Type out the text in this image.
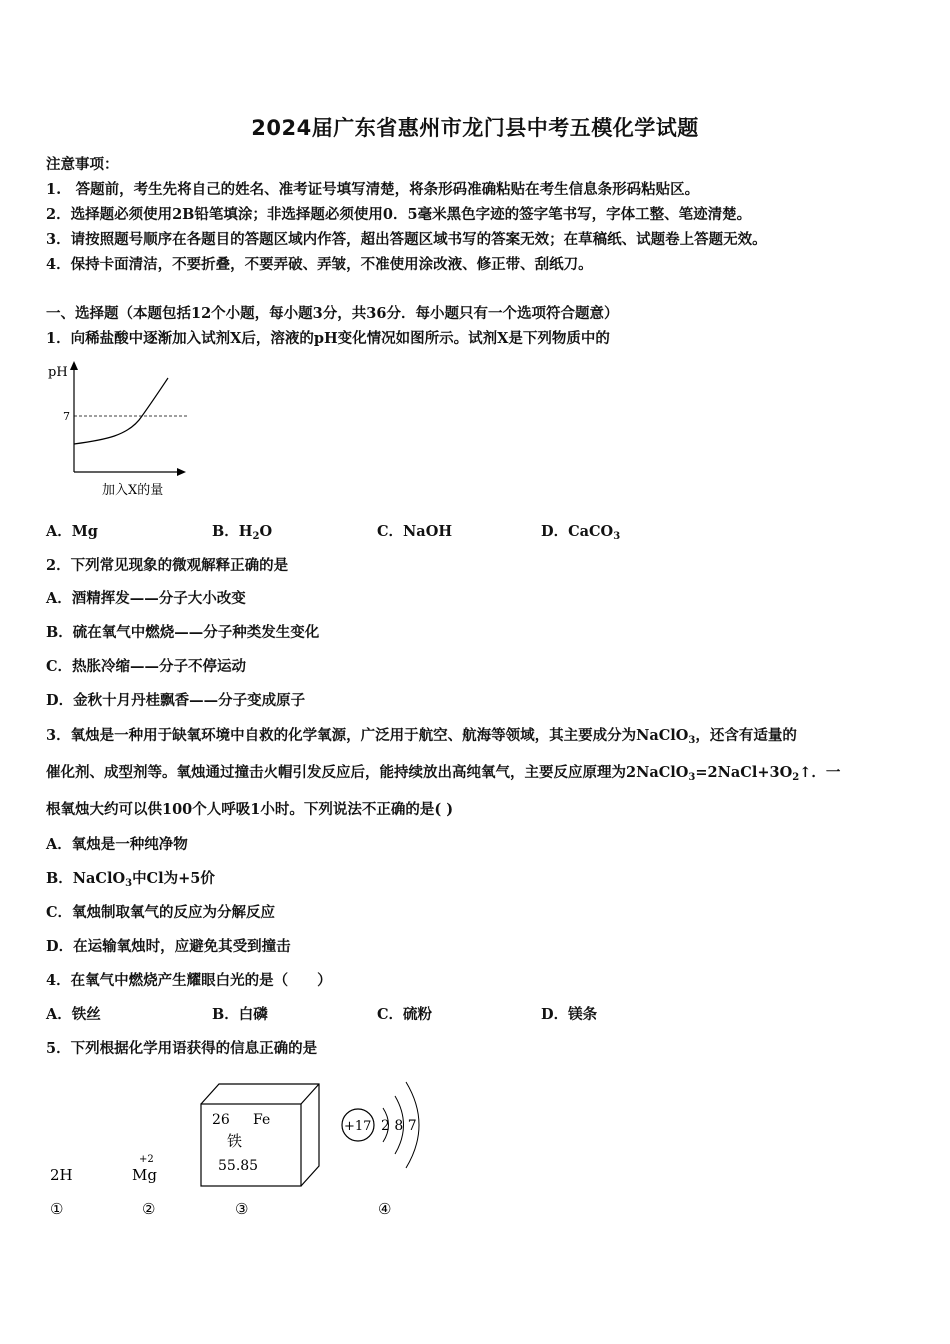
2024届广东省惠州市龙门县中考五模化学试题
注意事项：
1.　答题前，考生先将自己的姓名、准考证号填写清楚，将条形码准确粘贴在考生信息条形码粘贴区。
2．选择题必须使用2B铅笔填涂；非选择题必须使用0．5毫米黑色字迹的签字笔书写，字体工整、笔迹清楚。
3．请按照题号顺序在各题目的答题区域内作答，超出答题区域书写的答案无效；在草稿纸、试题卷上答题无效。
4．保持卡面清洁，不要折叠，不要弄破、弄皱，不准使用涂改液、修正带、刮纸刀。
一、选择题（本题包括12个小题，每小题3分，共36分．每小题只有一个选项符合题意）
1．向稀盐酸中逐渐加入试剂X后，溶液的pH变化情况如图所示。试剂X是下列物质中的
pH
7
加入X的量
A．Mg	B．$H_2O$	C．NaOH	D．CaCO$_3$
2．下列常见现象的微观解释正确的是
A．酒精挥发——分子大小改变
B．硫在氧气中燃烧——分子种类发生变化
C．热胀冷缩——分子不停运动
D．金秋十月丹桂飘香——分子变成原子
3．氧烛是一种用于缺氧环境中自救的化学氧源，广泛用于航空、航海等领域，其主要成分为NaClO$_3$，还含有适量的
催化剂、成型剂等。氧烛通过撞击火帽引发反应后，能持续放出高纯氧气，主要反应原理为$2NaClO_3=2NaCl+3O_2↑$．一
根氧烛大约可以供100个人呼吸1小时。下列说法不正确的是( )
A．氧烛是一种纯净物
B．NaClO$_3$中Cl为+5价
C．氧烛制取氧气的反应为分解反应
D．在运输氧烛时，应避免其受到撞击
4．在氧气中燃烧产生耀眼白光的是（　　）
A．铁丝	B．白磷	C．硫粉	D．镁条
5．下列根据化学用语获得的信息正确的是
2H
+2
Mg
26 Fe
铁
55.85
+17 2 8 7
①	②	③	④
